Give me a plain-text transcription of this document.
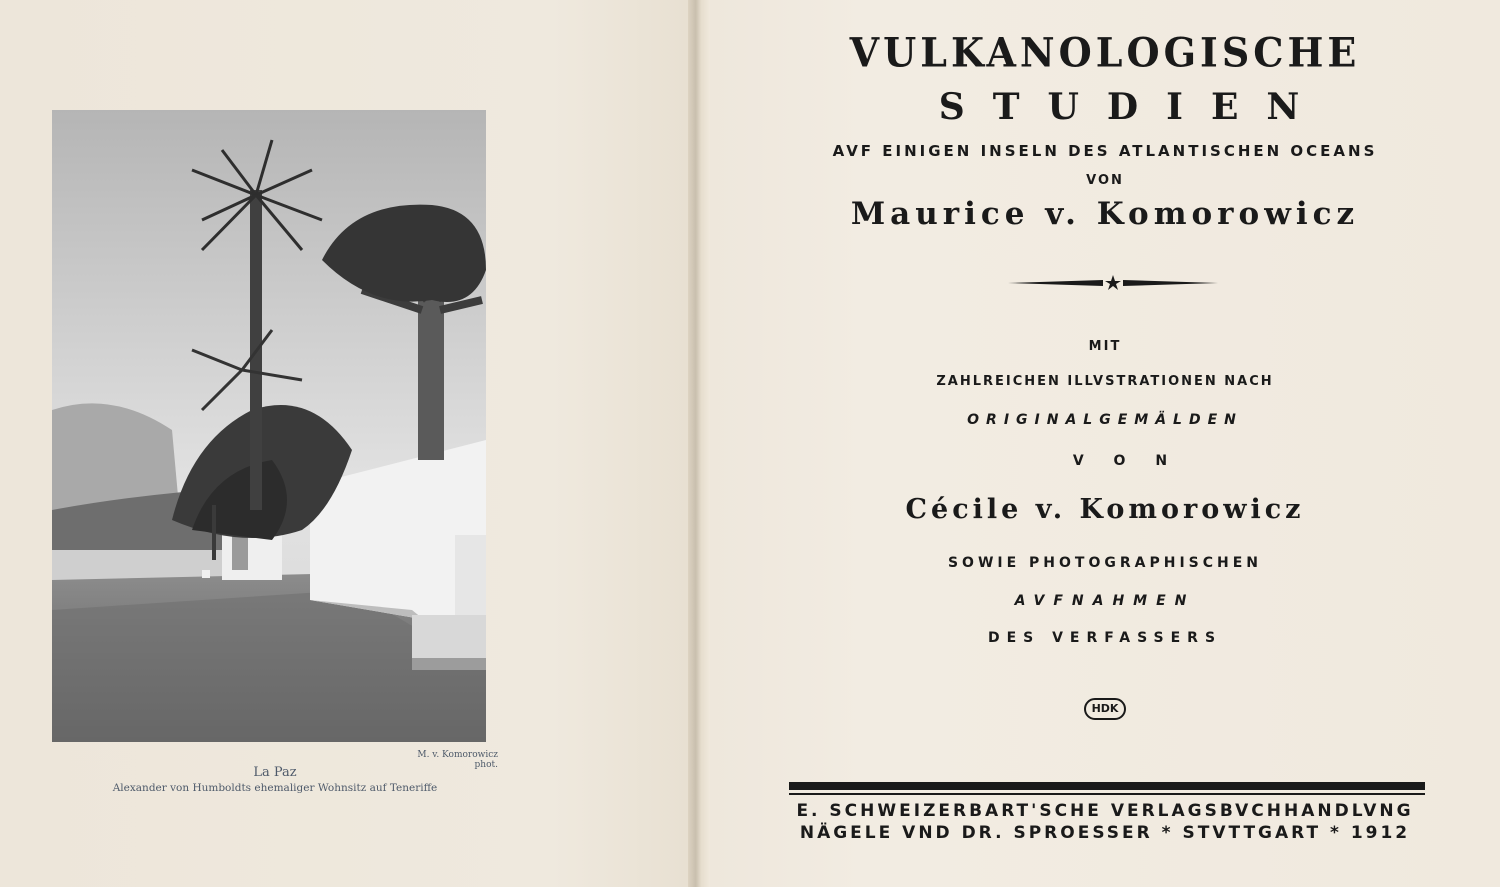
M. v. Komorowicz phot.
La Paz
Alexander von Humboldts ehemaliger Wohnsitz auf Teneriffe

VULKANOLOGISCHE

STUDIEN

AVF EINIGEN INSELN DES ATLANTISCHEN OCEANS

VON

Maurice v. Komorowicz

MIT

ZAHLREICHEN ILLVSTRATIONEN NACH

ORIGINALGEMÄLDEN

VON

Cécile v. Komorowicz

SOWIE PHOTOGRAPHISCHEN

AVFNAHMEN

DES VERFASSERS

HDK

E. SCHWEIZERBART'SCHE VERLAGSBVCHHANDLVNG

NÄGELE VND DR. SPROESSER * STVTTGART * 1912
